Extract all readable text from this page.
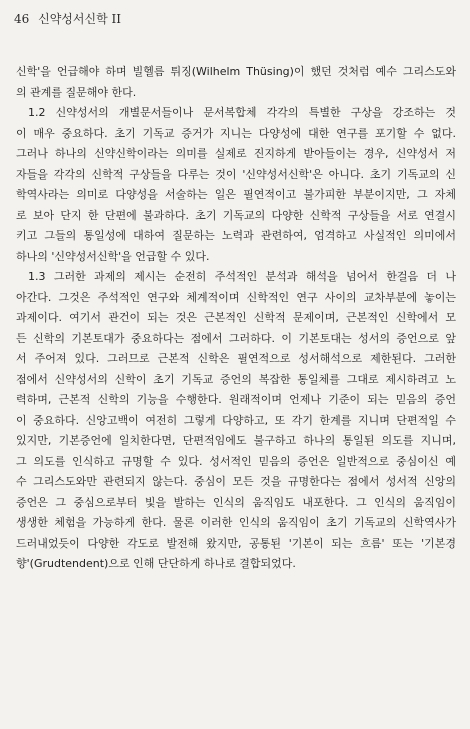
46 신약성서신학 II
신학'을 언급해야 하며 빌헬름 튀징(Wilhelm Thüsing)이 했던 것처럼 예수 그리스도와
의 관계를 질문해야 한다.
1.2 신약성서의 개별문서들이나 문서복합체 각각의 특별한 구상을 강조하는 것
이 매우 중요하다. 초기 기독교 증거가 지니는 다양성에 대한 연구를 포기할 수 없다.
그러나 하나의 신약신학이라는 의미를 실제로 진지하게 받아들이는 경우, 신약성서 저
자들을 각각의 신학적 구상들을 다루는 것이 '신약성서신학'은 아니다. 초기 기독교의 신
학역사라는 의미로 다양성을 서술하는 일은 필연적이고 불가피한 부분이지만, 그 자체
로 보아 단지 한 단편에 불과하다. 초기 기독교의 다양한 신학적 구상들을 서로 연결시
키고 그들의 통일성에 대하여 질문하는 노력과 관련하여, 엄격하고 사실적인 의미에서
하나의 '신약성서신학'을 언급할 수 있다.
1.3 그러한 과제의 제시는 순전히 주석적인 분석과 해석을 넘어서 한걸음 더 나
아간다. 그것은 주석적인 연구와 체계적이며 신학적인 연구 사이의 교차부분에 놓이는
과제이다. 여기서 관건이 되는 것은 근본적인 신학적 문제이며, 근본적인 신학에서 모
든 신학의 기본토대가 중요하다는 점에서 그러하다. 이 기본토대는 성서의 증언으로 앞
서 주어져 있다. 그러므로 근본적 신학은 필연적으로 성서해석으로 제한된다. 그러한
점에서 신약성서의 신학이 초기 기독교 증언의 복잡한 통일체를 그대로 제시하려고 노
력하며, 근본적 신학의 기능을 수행한다. 원래적이며 언제나 기준이 되는 믿음의 증언
이 중요하다. 신앙고백이 여전히 그렇게 다양하고, 또 각기 한계를 지니며 단편적일 수
있지만, 기본증언에 일치한다면, 단편적임에도 불구하고 하나의 통일된 의도를 지니며,
그 의도를 인식하고 규명할 수 있다. 성서적인 믿음의 증언은 일반적으로 중심이신 예
수 그리스도와만 관련되지 않는다. 중심이 모든 것을 규명한다는 점에서 성서적 신앙의
증언은 그 중심으로부터 빛을 발하는 인식의 움직임도 내포한다. 그 인식의 움직임이
생생한 체험을 가능하게 한다. 물론 이러한 인식의 움직임이 초기 기독교의 신학역사가
드러내었듯이 다양한 각도로 발전해 왔지만, 공통된 '기본이 되는 흐름' 또는 '기본경
향'(Grudtendent)으로 인해 단단하게 하나로 결합되었다.
